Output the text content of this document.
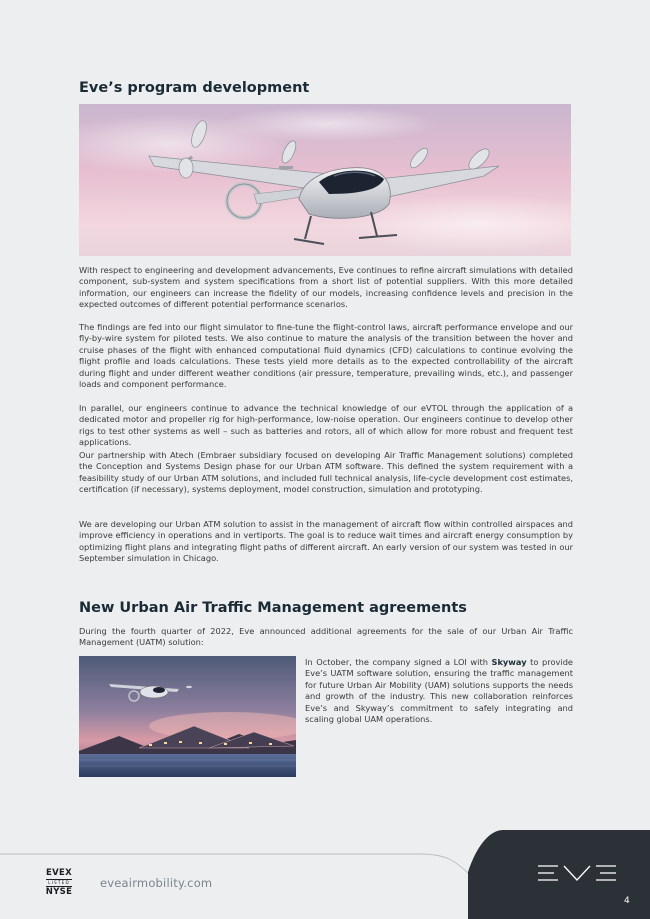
Eve’s program development

With respect to engineering and development advancements, Eve continues to refine aircraft simulations with detailed component, sub-system and system specifications from a short list of potential suppliers. With this more detailed information, our engineers can increase the fidelity of our models, increasing confidence levels and precision in the expected outcomes of different potential performance scenarios.

The findings are fed into our flight simulator to fine-tune the flight-control laws, aircraft performance envelope and our fly-by-wire system for piloted tests. We also continue to mature the analysis of the transition between the hover and cruise phases of the flight with enhanced computational fluid dynamics (CFD) calculations to continue evolving the flight profile and loads calculations. These tests yield more details as to the expected controllability of the aircraft during flight and under different weather conditions (air pressure, temperature, prevailing winds, etc.), and passenger loads and component performance.

In parallel, our engineers continue to advance the technical knowledge of our eVTOL through the application of a dedicated motor and propeller rig for high-performance, low-noise operation. Our engineers continue to develop other rigs to test other systems as well – such as batteries and rotors, all of which allow for more robust and frequent test applications.

Our partnership with Atech (Embraer subsidiary focused on developing Air Traffic Management solutions) completed the Conception and Systems Design phase for our Urban ATM software. This defined the system requirement with a feasibility study of our Urban ATM solutions, and included full technical analysis, life-cycle development cost estimates, certification (if necessary), systems deployment, model construction, simulation and prototyping.

We are developing our Urban ATM solution to assist in the management of aircraft flow within controlled airspaces and improve efficiency in operations and in vertiports. The goal is to reduce wait times and aircraft energy consumption by optimizing flight plans and integrating flight paths of different aircraft. An early version of our system was tested in our September simulation in Chicago.

New Urban Air Traffic Management agreements

During the fourth quarter of 2022, Eve announced additional agreements for the sale of our Urban Air Traffic Management (UATM) solution:

In October, the company signed a LOI with Skyway to provide Eve’s UATM software solution, ensuring the traffic management for future Urban Air Mobility (UAM) solutions supports the needs and growth of the industry. This new collaboration reinforces Eve’s and Skyway’s commitment to safely integrating and scaling global UAM operations.

EVEX
LISTED
NYSE
eveairmobility.com
4
